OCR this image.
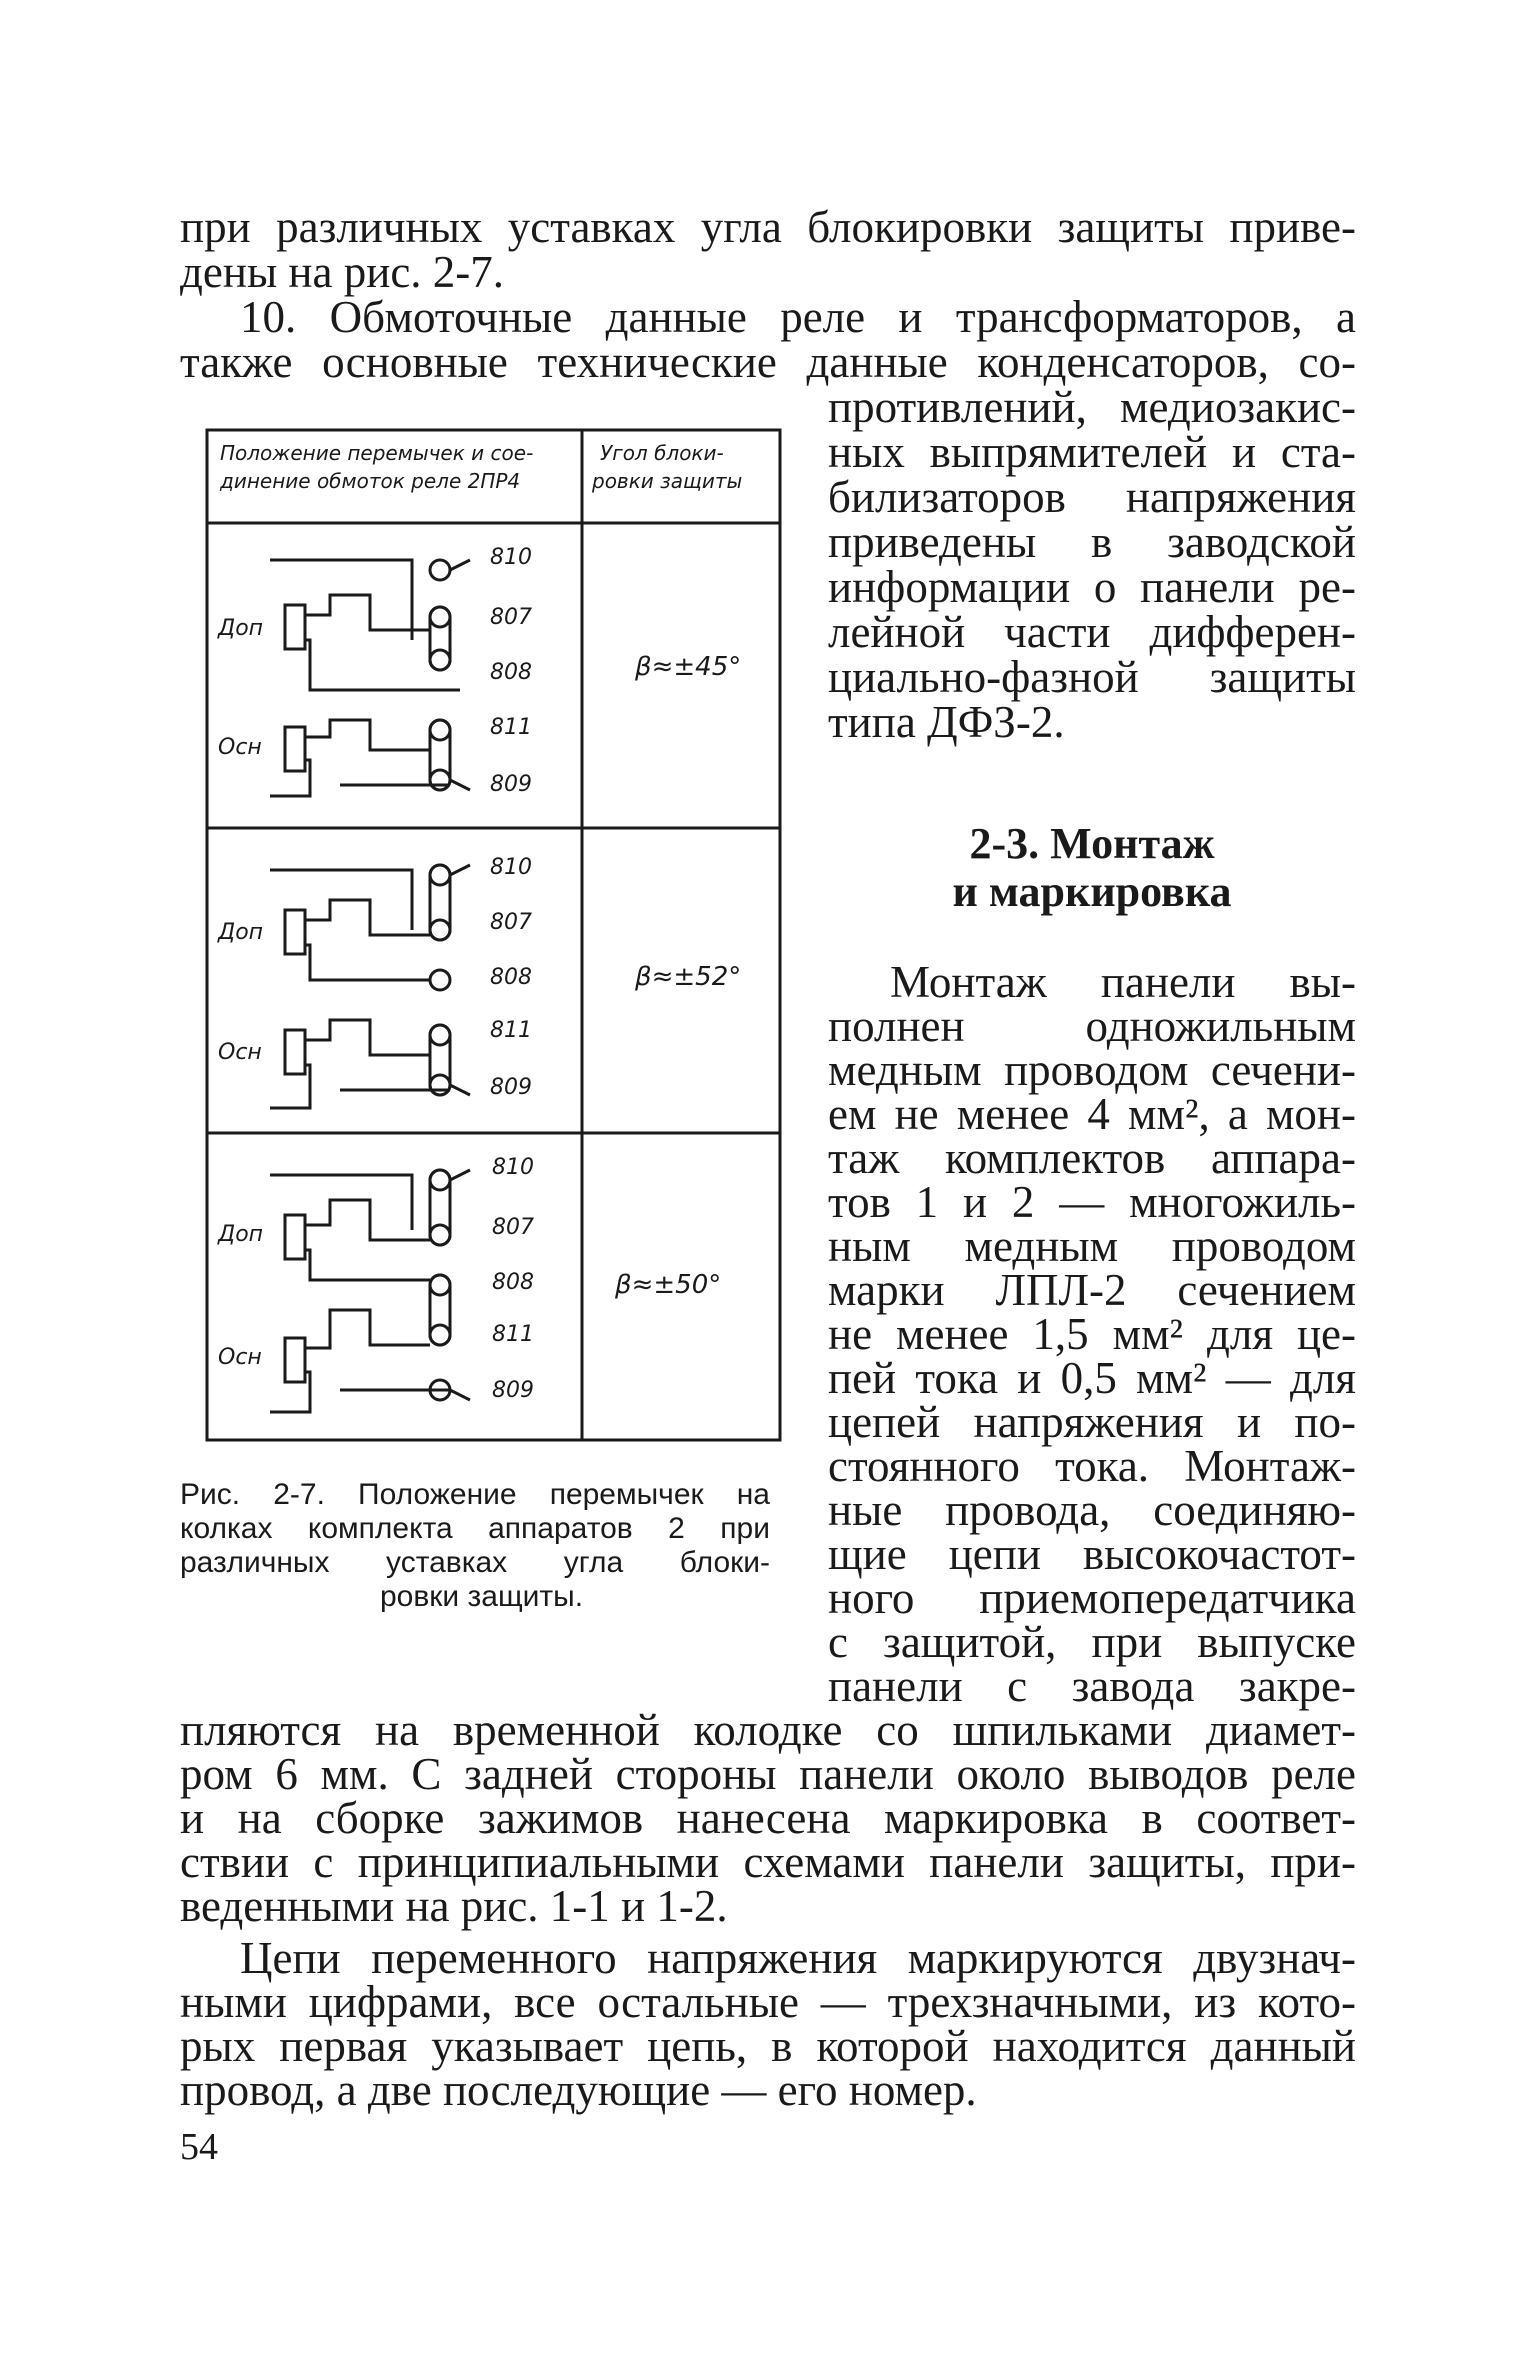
при различных уставках угла блокировки защиты приве-
дены на рис. 2-7.
10. Обмоточные данные реле и трансформаторов, а
также основные технические данные конденсаторов, со-
противлений, медиозакис-
ных выпрямителей и ста-
билизаторов напряжения
приведены в заводской
информации о панели ре-
лейной части дифферен-
циально-фазной защиты
типа ДФЗ-2.
2-3. Монтаж
и маркировка
Монтаж панели вы-
полнен одножильным
медным проводом сечени-
ем не менее 4 мм², а мон-
таж комплектов аппара-
тов 1 и 2 — многожиль-
ным медным проводом
марки ЛПЛ-2 сечением
не менее 1,5 мм² для це-
пей тока и 0,5 мм² — для
цепей напряжения и по-
стоянного тока. Монтаж-
ные провода, соединяю-
щие цепи высокочастот-
ного приемопередатчика
с защитой, при выпуске
панели с завода закре-
пляются на временной колодке со шпильками диамет-
ром 6 мм. С задней стороны панели около выводов реле
и на сборке зажимов нанесена маркировка в соответ-
ствии с принципиальными схемами панели защиты, при-
веденными на рис. 1-1 и 1-2.
Цепи переменного напряжения маркируются двузнач-
ными цифрами, все остальные — трехзначными, из кото-
рых первая указывает цепь, в которой находится данный
провод, а две последующие — его номер.
54
Положение перемычек и сое-
динение обмоток реле 2ПР4
Угол блоки-
ровки защиты
Доп
Осн
810
807
808
811
809
β≈±45°
Доп
Осн
810
807
808
811
809
β≈±52°
Доп
Осн
810
807
808
811
809
β≈±50°
Рис. 2-7. Положение перемычек на
колках комплекта аппаратов 2 при
различных уставках угла блоки-
ровки защиты.
